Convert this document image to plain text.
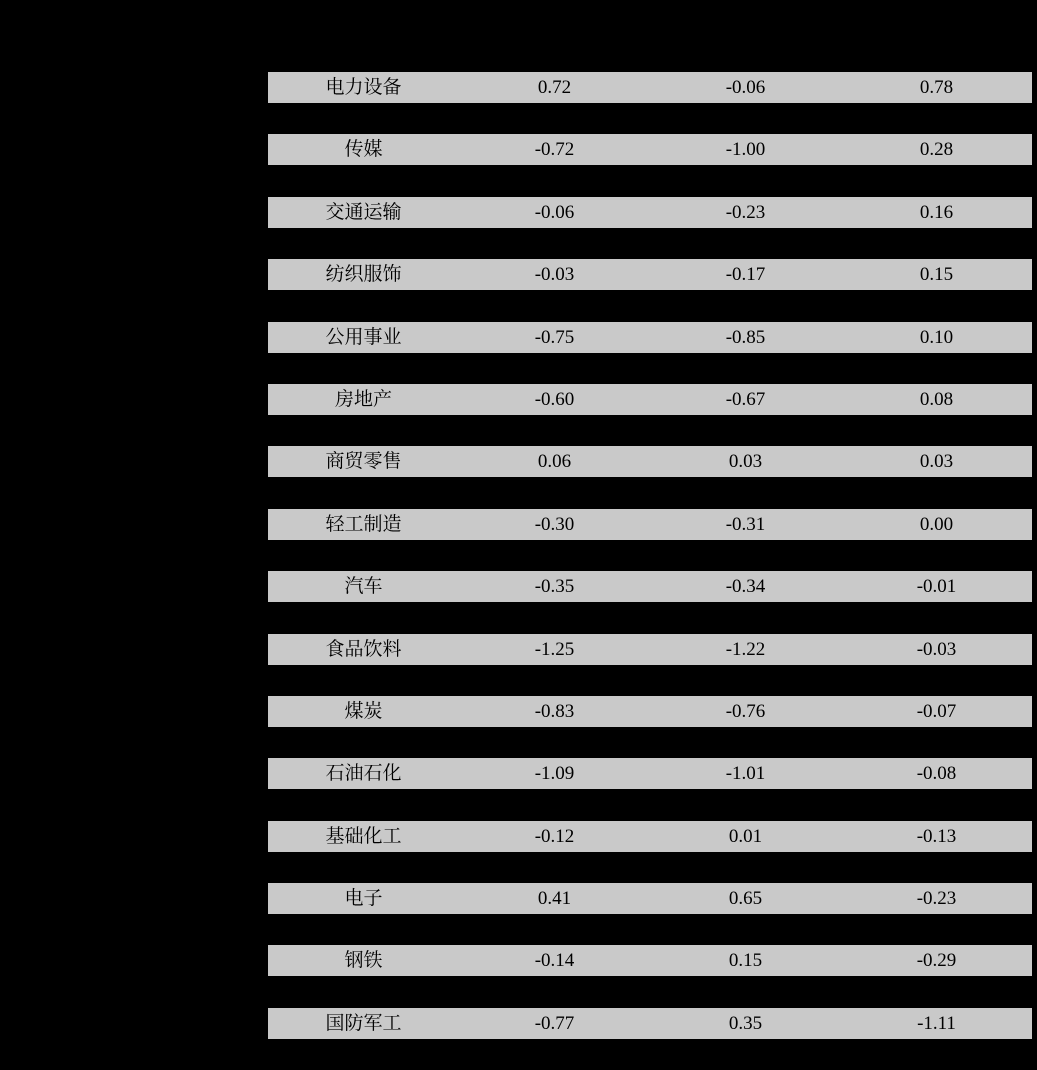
电力设备	0.72	-0.06	0.78
传媒	-0.72	-1.00	0.28
交通运输	-0.06	-0.23	0.16
纺织服饰	-0.03	-0.17	0.15
公用事业	-0.75	-0.85	0.10
房地产	-0.60	-0.67	0.08
商贸零售	0.06	0.03	0.03
轻工制造	-0.30	-0.31	0.00
汽车	-0.35	-0.34	-0.01
食品饮料	-1.25	-1.22	-0.03
煤炭	-0.83	-0.76	-0.07
石油石化	-1.09	-1.01	-0.08
基础化工	-0.12	0.01	-0.13
电子	0.41	0.65	-0.23
钢铁	-0.14	0.15	-0.29
国防军工	-0.77	0.35	-1.11
